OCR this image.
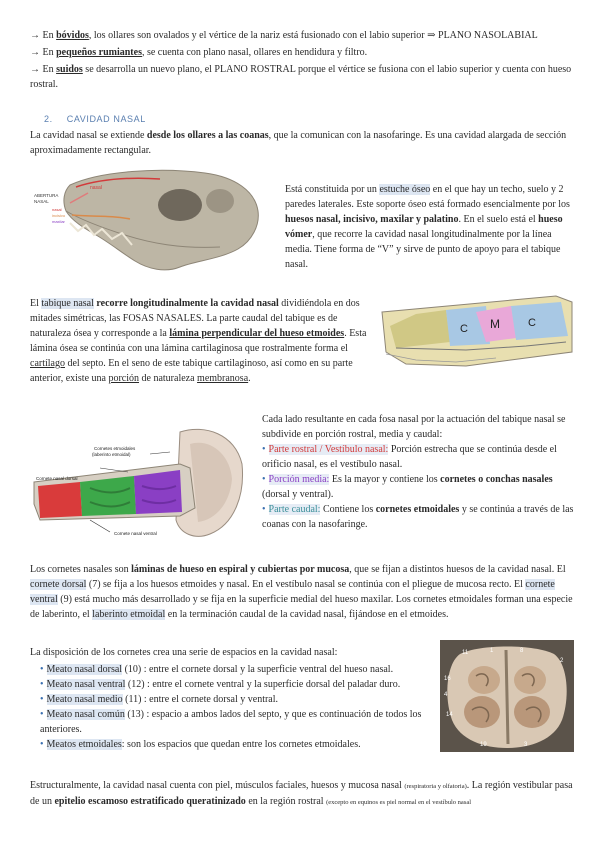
→ En bóvidos, los ollares son ovalados y el vértice de la nariz está fusionado con el labio superior ⇒ PLANO NASOLABIAL

→ En pequeños rumiantes, se cuenta con plano nasal, ollares en hendidura y filtro.

→ En suidos se desarrolla un nuevo plano, el PLANO ROSTRAL porque el vértice se fusiona con el labio superior y cuenta con hueso rostral.

2. CAVIDAD NASAL

La cavidad nasal se extiende desde los ollares a las coanas, que la comunican con la nasofaringe. Es una cavidad alargada de sección aproximadamente rectangular.

nasal
ABERTURA
NASAL
nasal
incisivo
maxilar

Está constituida por un estuche óseo en el que hay un techo, suelo y 2 paredes laterales. Este soporte óseo está formado esencialmente por los huesos nasal, incisivo, maxilar y palatino. En el suelo está el hueso vómer, que recorre la cavidad nasal longitudinalmente por la línea media. Tiene forma de “V” y sirve de punto de apoyo para el tabique nasal.

El tabique nasal recorre longitudinalmente la cavidad nasal dividiéndola en dos mitades simétricas, las FOSAS NASALES. La parte caudal del tabique es de naturaleza ósea y corresponde a la lámina perpendicular del hueso etmoides. Esta lámina ósea se continúa con una lámina cartilaginosa que rostralmente forma el cartílago del septo. En el seno de este tabique cartilaginoso, así como en su parte anterior, existe una porción de naturaleza membranosa.

C M	C
Cornetes etmoidales
(laberinto etmoidal)
Cornete nasal dorsal
Cornete nasal ventral
Cada lado resultante en cada fosa nasal por la actuación del tabique nasal se subdivide en porción rostral, media y caudal:
• Parte rostral / Vestíbulo nasal: Porción estrecha que se continúa desde el orificio nasal, es el vestíbulo nasal.
• Porción media: Es la mayor y contiene los cornetes o conchas nasales (dorsal y ventral).
• Parte caudal: Contiene los cornetes etmoidales y se continúa a través de las coanas con la nasofaringe.

Los cornetes nasales son láminas de hueso en espiral y cubiertas por mucosa, que se fijan a distintos huesos de la cavidad nasal. El cornete dorsal (7) se fija a los huesos etmoides y nasal. En el vestíbulo nasal se continúa con el pliegue de mucosa recto. El cornete ventral (9) está mucho más desarrollado y se fija en la superficie medial del hueso maxilar. Los cornetes etmoidales forman una especie de laberinto, el laberinto etmoidal en la terminación caudal de la cavidad nasal, fijándose en el etmoides.

La disposición de los cornetes crea una serie de espacios en la cavidad nasal:
• Meato nasal dorsal (10) : entre el cornete dorsal y la superficie ventral del hueso nasal.
• Meato nasal ventral (12) : entre el cornete ventral y la superficie dorsal del paladar duro.
• Meato nasal medio (11) : entre el cornete dorsal y ventral.
• Meato nasal común (13) : espacio a ambos lados del septo, y que es continuación de todos los anteriores.
• Meatos etmoidales: son los espacios que quedan entre los cornetes etmoidales.
11	1	8
16
4
14
2
19	3

Estructuralmente, la cavidad nasal cuenta con piel, músculos faciales, huesos y mucosa nasal (respiratoria y olfatoria). La región vestibular pasa de un epitelio escamoso estratificado queratinizado en la región rostral (excepto en equinos es piel normal en el vestíbulo nasal
